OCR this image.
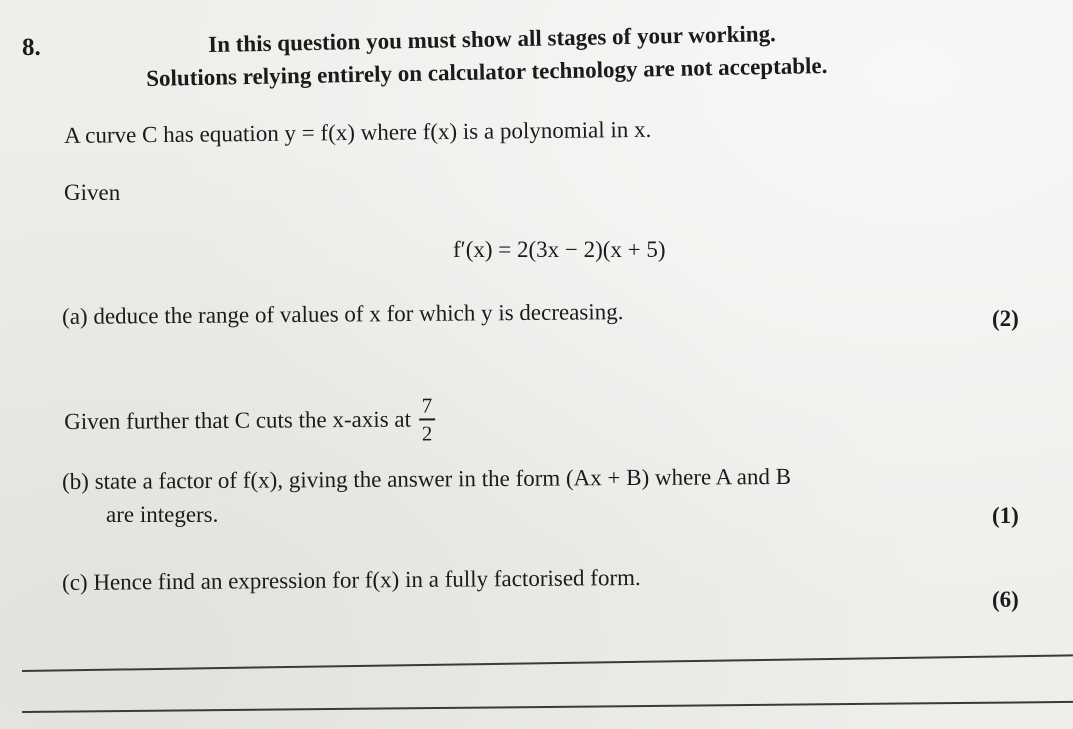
8.	In this question you must show all stages of your working.
Solutions relying entirely on calculator technology are not acceptable.
A curve C has equation y = f(x) where f(x) is a polynomial in x.
Given
f′(x) = 2(3x − 2)(x + 5)
(a) deduce the range of values of x for which y is decreasing.	(2)
Given further that C cuts the x-axis at $\frac{7}{2}$
(b) state a factor of f(x), giving the answer in the form (Ax + B) where A and B
are integers.	(1)
(c) Hence find an expression for f(x) in a fully factorised form.
(6)
